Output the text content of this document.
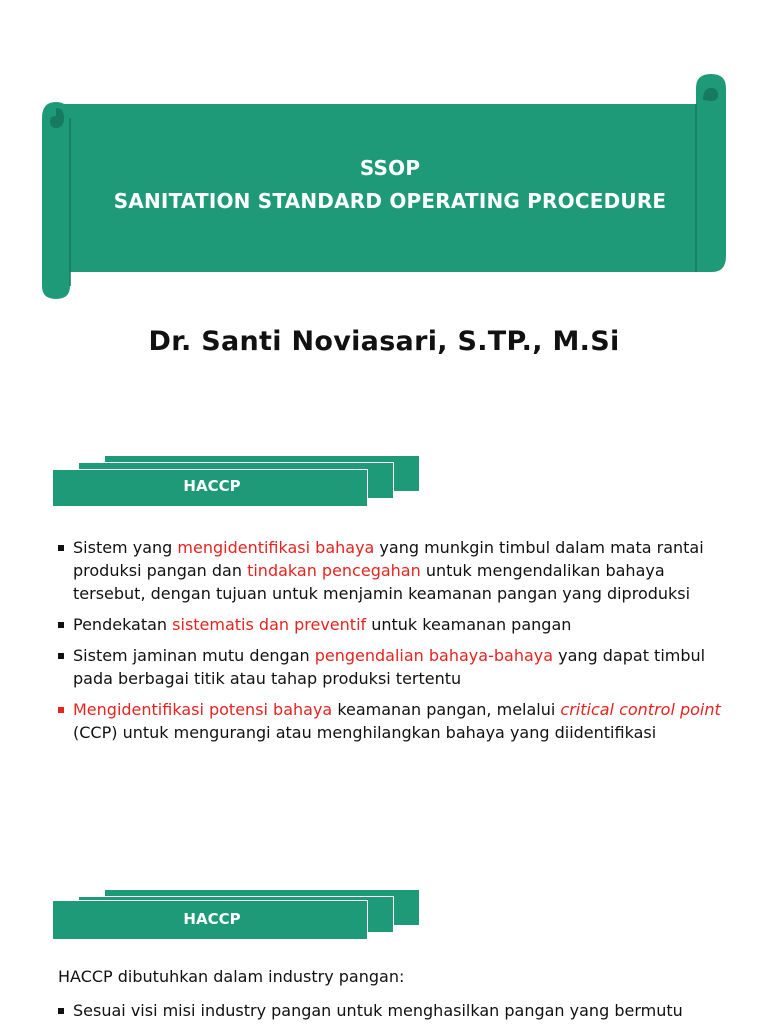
SSOP
SANITATION STANDARD OPERATING PROCEDURE
Dr. Santi Noviasari, S.TP., M.Si
HACCP
Sistem yang mengidentifikasi bahaya yang munkgin timbul dalam mata rantai produksi pangan dan tindakan pencegahan untuk mengendalikan bahaya tersebut, dengan tujuan untuk menjamin keamanan pangan yang diproduksi
Pendekatan sistematis dan preventif untuk keamanan pangan
Sistem jaminan mutu dengan pengendalian bahaya-bahaya yang dapat timbul pada berbagai titik atau tahap produksi tertentu
Mengidentifikasi potensi bahaya keamanan pangan, melalui critical control point (CCP) untuk mengurangi atau menghilangkan bahaya yang diidentifikasi
HACCP
HACCP dibutuhkan dalam industry pangan:
Sesuai visi misi industry pangan untuk menghasilkan pangan yang bermutu
